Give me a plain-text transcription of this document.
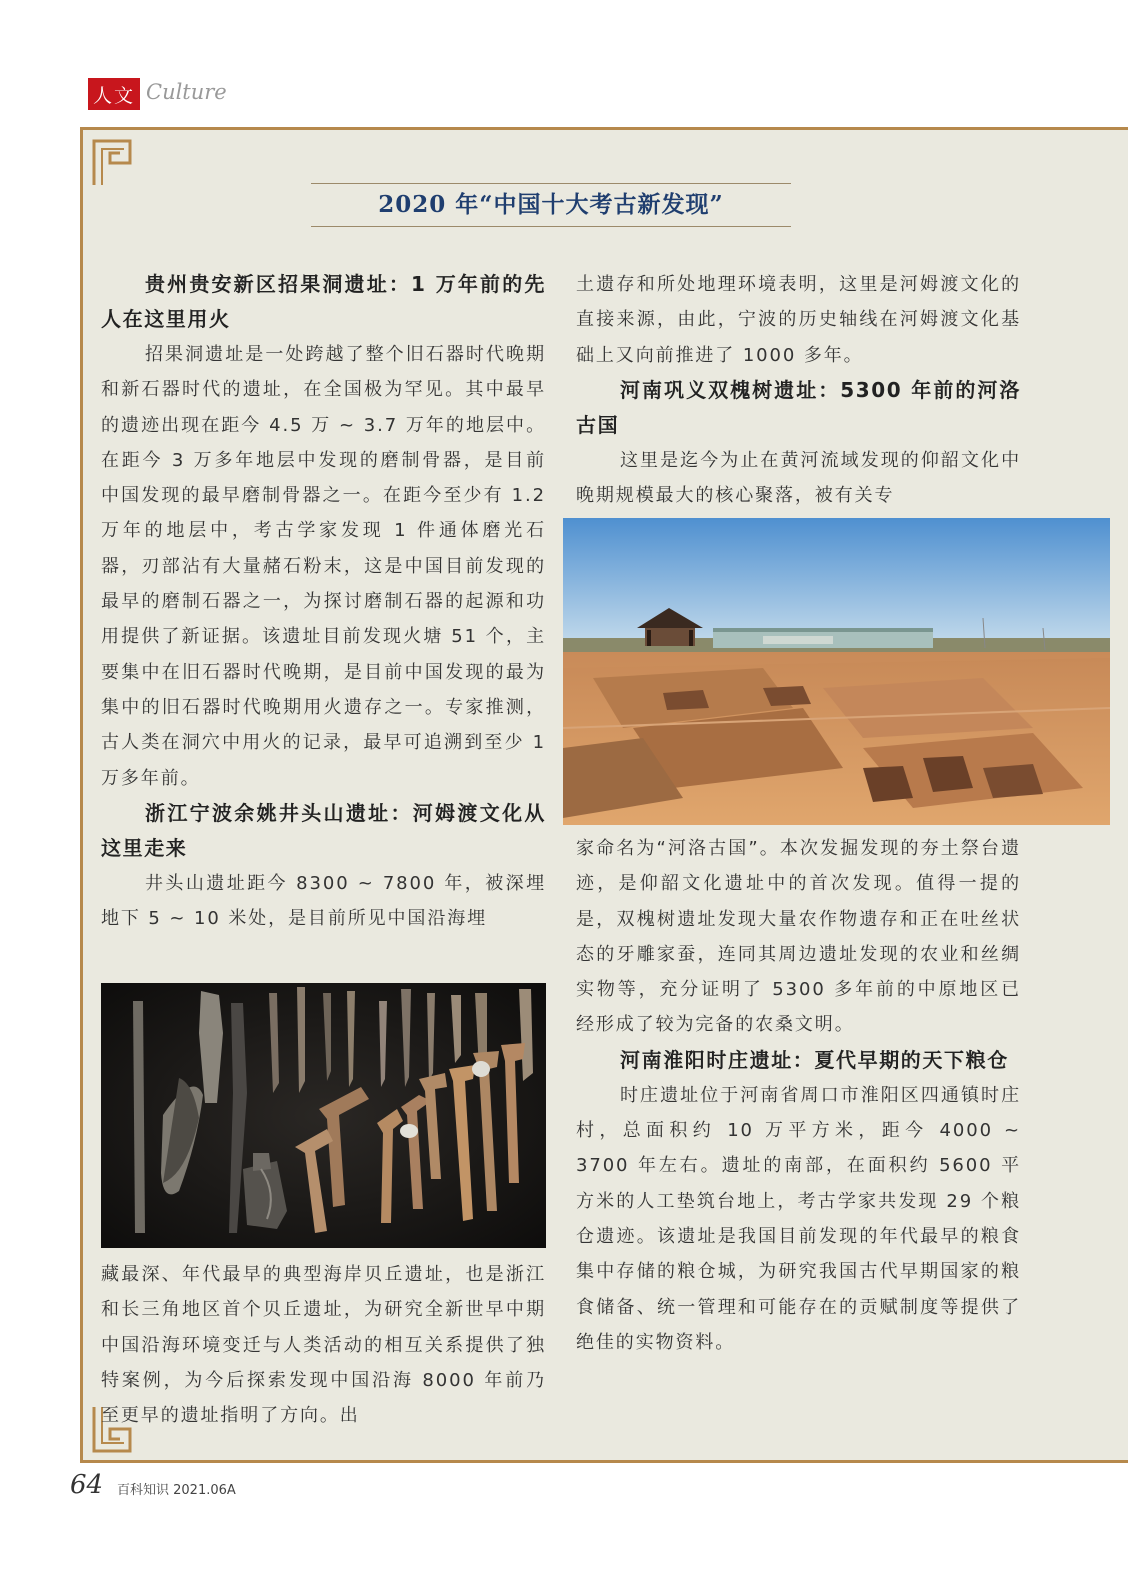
人文 Culture
2020 年“中国十大考古新发现”

贵州贵安新区招果洞遗址：1 万年前的先人在这里用火

招果洞遗址是一处跨越了整个旧石器时代晚期和新石器时代的遗址，在全国极为罕见。其中最早的遗迹出现在距今 4.5 万 ~ 3.7 万年的地层中。在距今 3 万多年地层中发现的磨制骨器，是目前中国发现的最早磨制骨器之一。在距今至少有 1.2 万年的地层中，考古学家发现 1 件通体磨光石器，刃部沾有大量赭石粉末，这是中国目前发现的最早的磨制石器之一，为探讨磨制石器的起源和功用提供了新证据。该遗址目前发现火塘 51 个，主要集中在旧石器时代晚期，是目前中国发现的最为集中的旧石器时代晚期用火遗存之一。专家推测，古人类在洞穴中用火的记录，最早可追溯到至少 1 万多年前。

浙江宁波余姚井头山遗址：河姆渡文化从这里走来

井头山遗址距今 8300 ~ 7800 年，被深埋地下 5 ~ 10 米处，是目前所见中国沿海埋

藏最深、年代最早的典型海岸贝丘遗址，也是浙江和长三角地区首个贝丘遗址，为研究全新世早中期中国沿海环境变迁与人类活动的相互关系提供了独特案例，为今后探索发现中国沿海 8000 年前乃至更早的遗址指明了方向。出

土遗存和所处地理环境表明，这里是河姆渡文化的直接来源，由此，宁波的历史轴线在河姆渡文化基础上又向前推进了 1000 多年。

河南巩义双槐树遗址：5300 年前的河洛古国

这里是迄今为止在黄河流域发现的仰韶文化中晚期规模最大的核心聚落，被有关专

家命名为“河洛古国”。本次发掘发现的夯土祭台遗迹，是仰韶文化遗址中的首次发现。值得一提的是，双槐树遗址发现大量农作物遗存和正在吐丝状态的牙雕家蚕，连同其周边遗址发现的农业和丝绸实物等，充分证明了 5300 多年前的中原地区已经形成了较为完备的农桑文明。

河南淮阳时庄遗址：夏代早期的天下粮仓

时庄遗址位于河南省周口市淮阳区四通镇时庄村，总面积约 10 万平方米，距今 4000 ~ 3700 年左右。遗址的南部，在面积约 5600 平方米的人工垫筑台地上，考古学家共发现 29 个粮仓遗迹。该遗址是我国目前发现的年代最早的粮食集中存储的粮仓城，为研究我国古代早期国家的粮食储备、统一管理和可能存在的贡赋制度等提供了绝佳的实物资料。

64 百科知识 2021.06A
